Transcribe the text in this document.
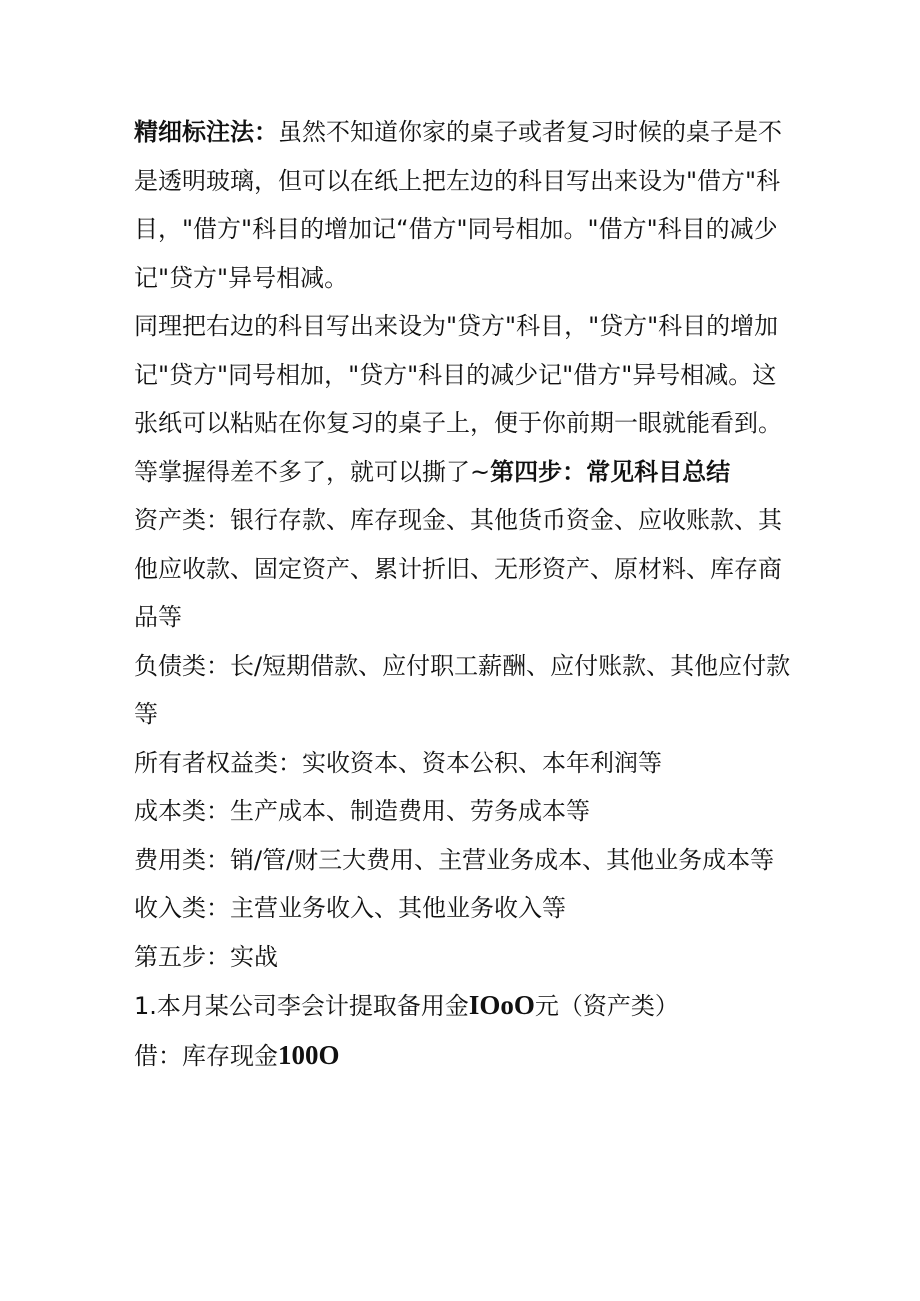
精细标注法：虽然不知道你家的桌子或者复习时候的桌子是不是透明玻璃，但可以在纸上把左边的科目写出来设为"借方"科目，"借方"科目的增加记“借方"同号相加。"借方"科目的减少记"贷方"异号相减。

同理把右边的科目写出来设为"贷方"科目，"贷方"科目的增加记"贷方"同号相加，"贷方"科目的减少记"借方"异号相减。这张纸可以粘贴在你复习的桌子上，便于你前期一眼就能看到。等掌握得差不多了，就可以撕了~第四步：常见科目总结

资产类：银行存款、库存现金、其他货币资金、应收账款、其他应收款、固定资产、累计折旧、无形资产、原材料、库存商品等

负债类：长/短期借款、应付职工薪酬、应付账款、其他应付款等

所有者权益类：实收资本、资本公积、本年利润等

成本类：生产成本、制造费用、劳务成本等

费用类：销/管/财三大费用、主营业务成本、其他业务成本等

收入类：主营业务收入、其他业务收入等

第五步：实战

1.本月某公司李会计提取备用金IOoO元（资产类）

借：库存现金100O
